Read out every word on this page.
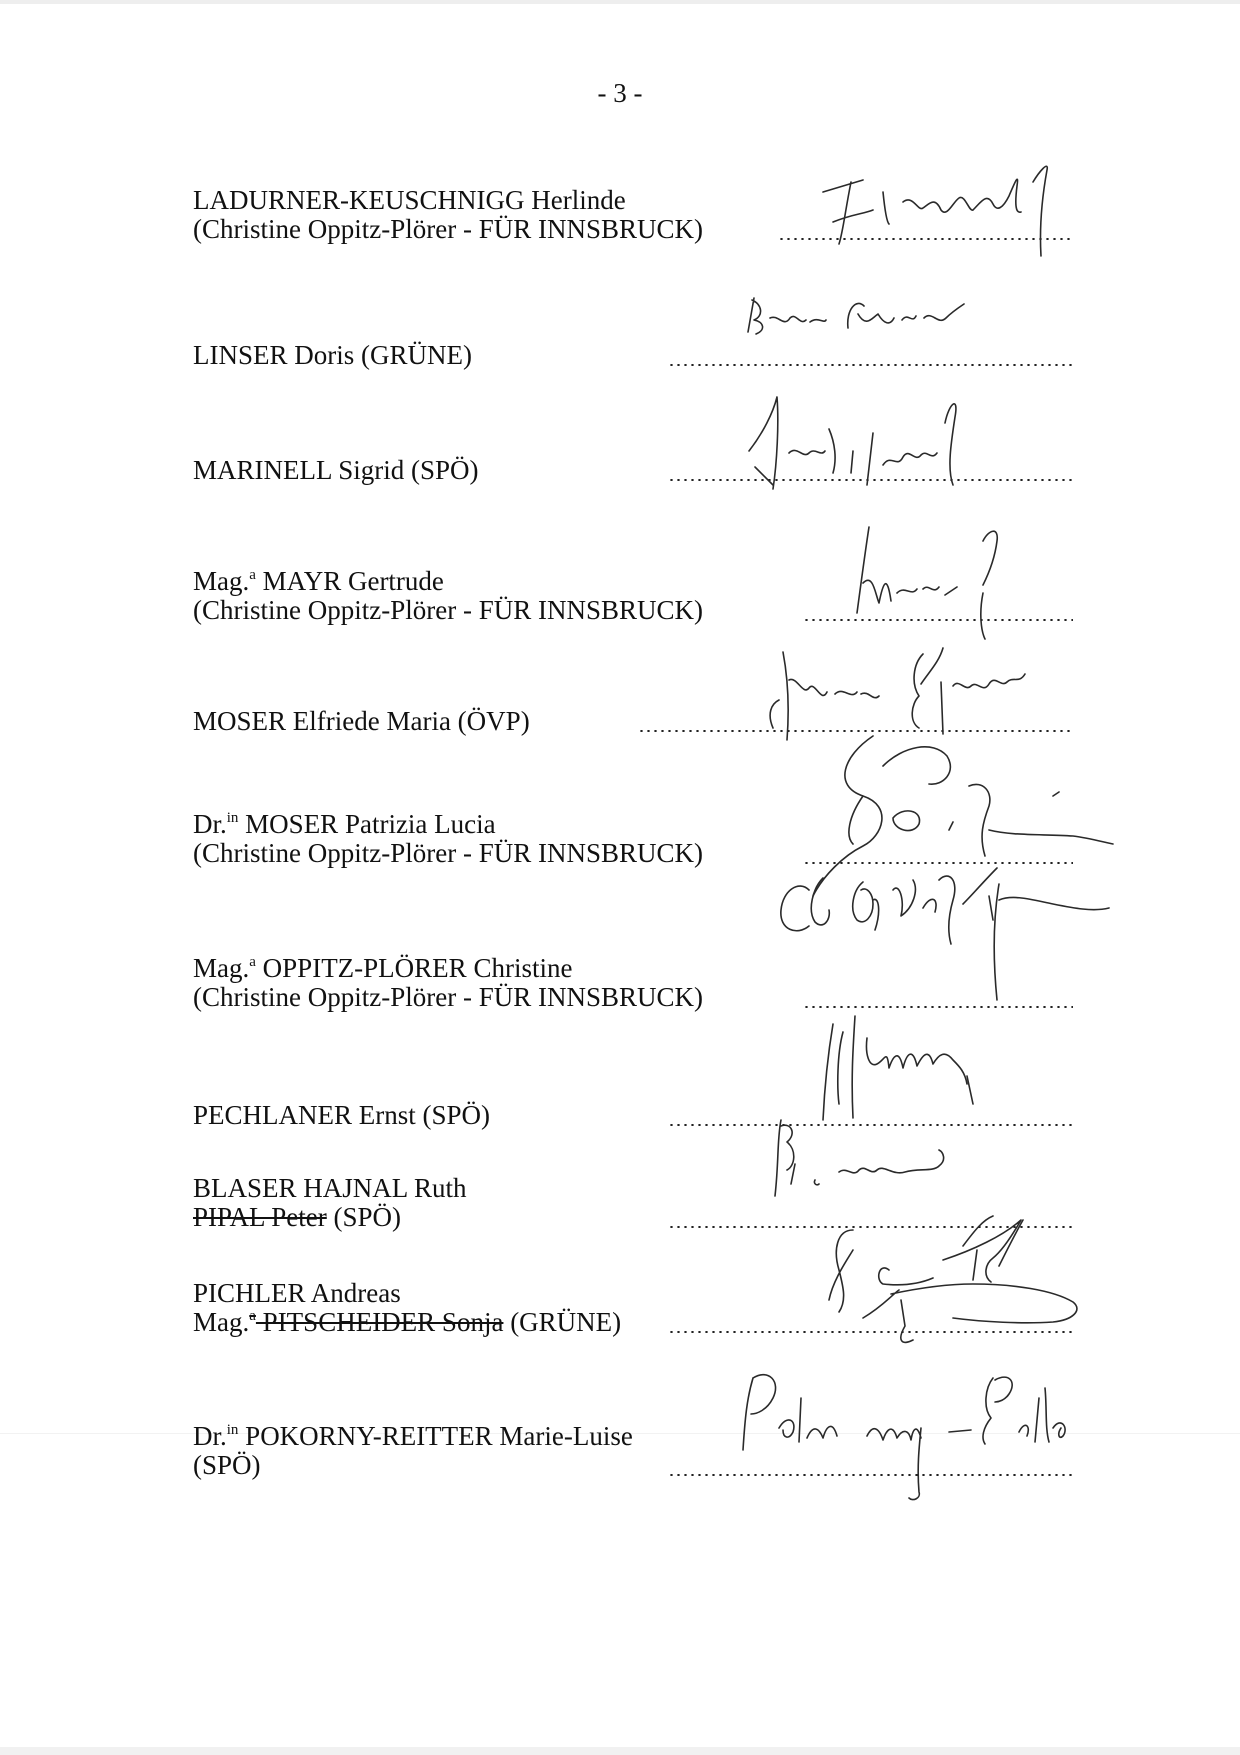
- 3 -
LADURNER-KEUSCHNIGG Herlinde
(Christine Oppitz-Plörer - FÜR INNSBRUCK)
LINSER Doris (GRÜNE)
MARINELL Sigrid (SPÖ)
Mag.$^a$ MAYR Gertrude
(Christine Oppitz-Plörer - FÜR INNSBRUCK)
MOSER Elfriede Maria (ÖVP)
Dr.$^{in}$ MOSER Patrizia Lucia
(Christine Oppitz-Plörer - FÜR INNSBRUCK)
Mag.$^a$ OPPITZ-PLÖRER Christine
(Christine Oppitz-Plörer - FÜR INNSBRUCK)
PECHLANER Ernst (SPÖ)
BLASER HAJNAL Ruth
PIPAL Peter (SPÖ)
PICHLER Andreas
Mag.$^a$ PITSCHEIDER Sonja (GRÜNE)
Dr.$^{in}$ POKORNY-REITTER Marie-Luise
(SPÖ)
